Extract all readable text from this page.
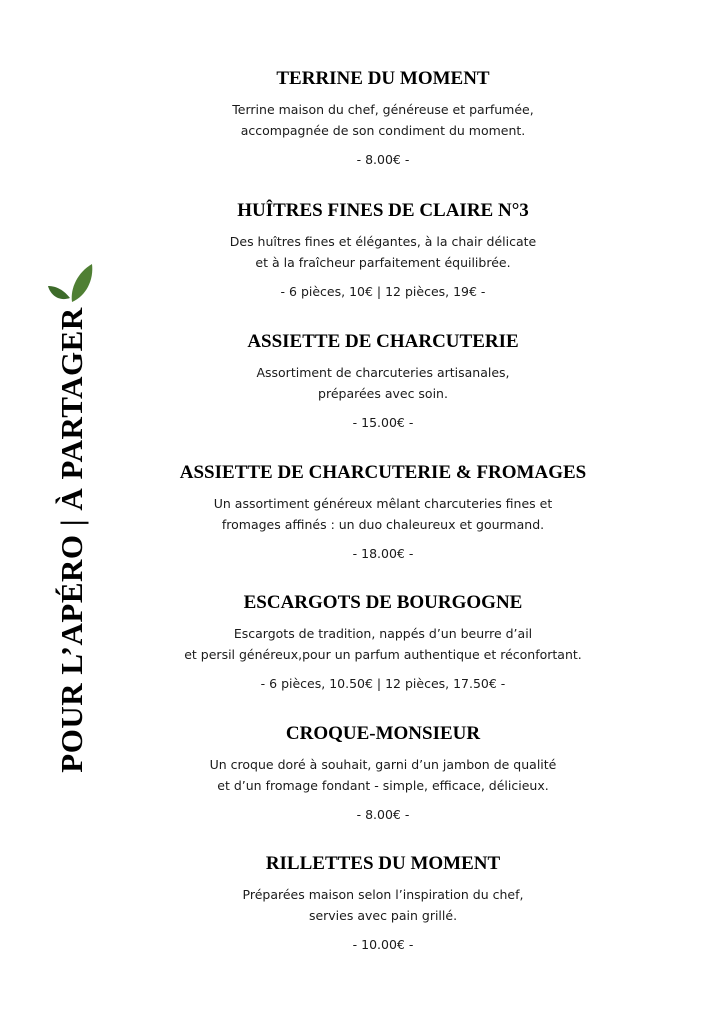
POUR L’APÉRO | À PARTAGER
TERRINE DU MOMENT

Terrine maison du chef, généreuse et parfumée,
accompagnée de son condiment du moment.

- 8.00€ -

HUÎTRES FINES DE CLAIRE N°3

Des huîtres fines et élégantes, à la chair délicate
et à la fraîcheur parfaitement équilibrée.

- 6 pièces, 10€ | 12 pièces, 19€ -

ASSIETTE DE CHARCUTERIE

Assortiment de charcuteries artisanales,
préparées avec soin.

- 15.00€ -

ASSIETTE DE CHARCUTERIE & FROMAGES

Un assortiment généreux mêlant charcuteries fines et
fromages affinés : un duo chaleureux et gourmand.

- 18.00€ -

ESCARGOTS DE BOURGOGNE

Escargots de tradition, nappés d’un beurre d’ail
et persil généreux,pour un parfum authentique et réconfortant.

- 6 pièces, 10.50€ | 12 pièces, 17.50€ -

CROQUE-MONSIEUR

Un croque doré à souhait, garni d’un jambon de qualité
et d’un fromage fondant - simple, efficace, délicieux.

- 8.00€ -

RILLETTES DU MOMENT

Préparées maison selon l’inspiration du chef,
servies avec pain grillé.

- 10.00€ -
